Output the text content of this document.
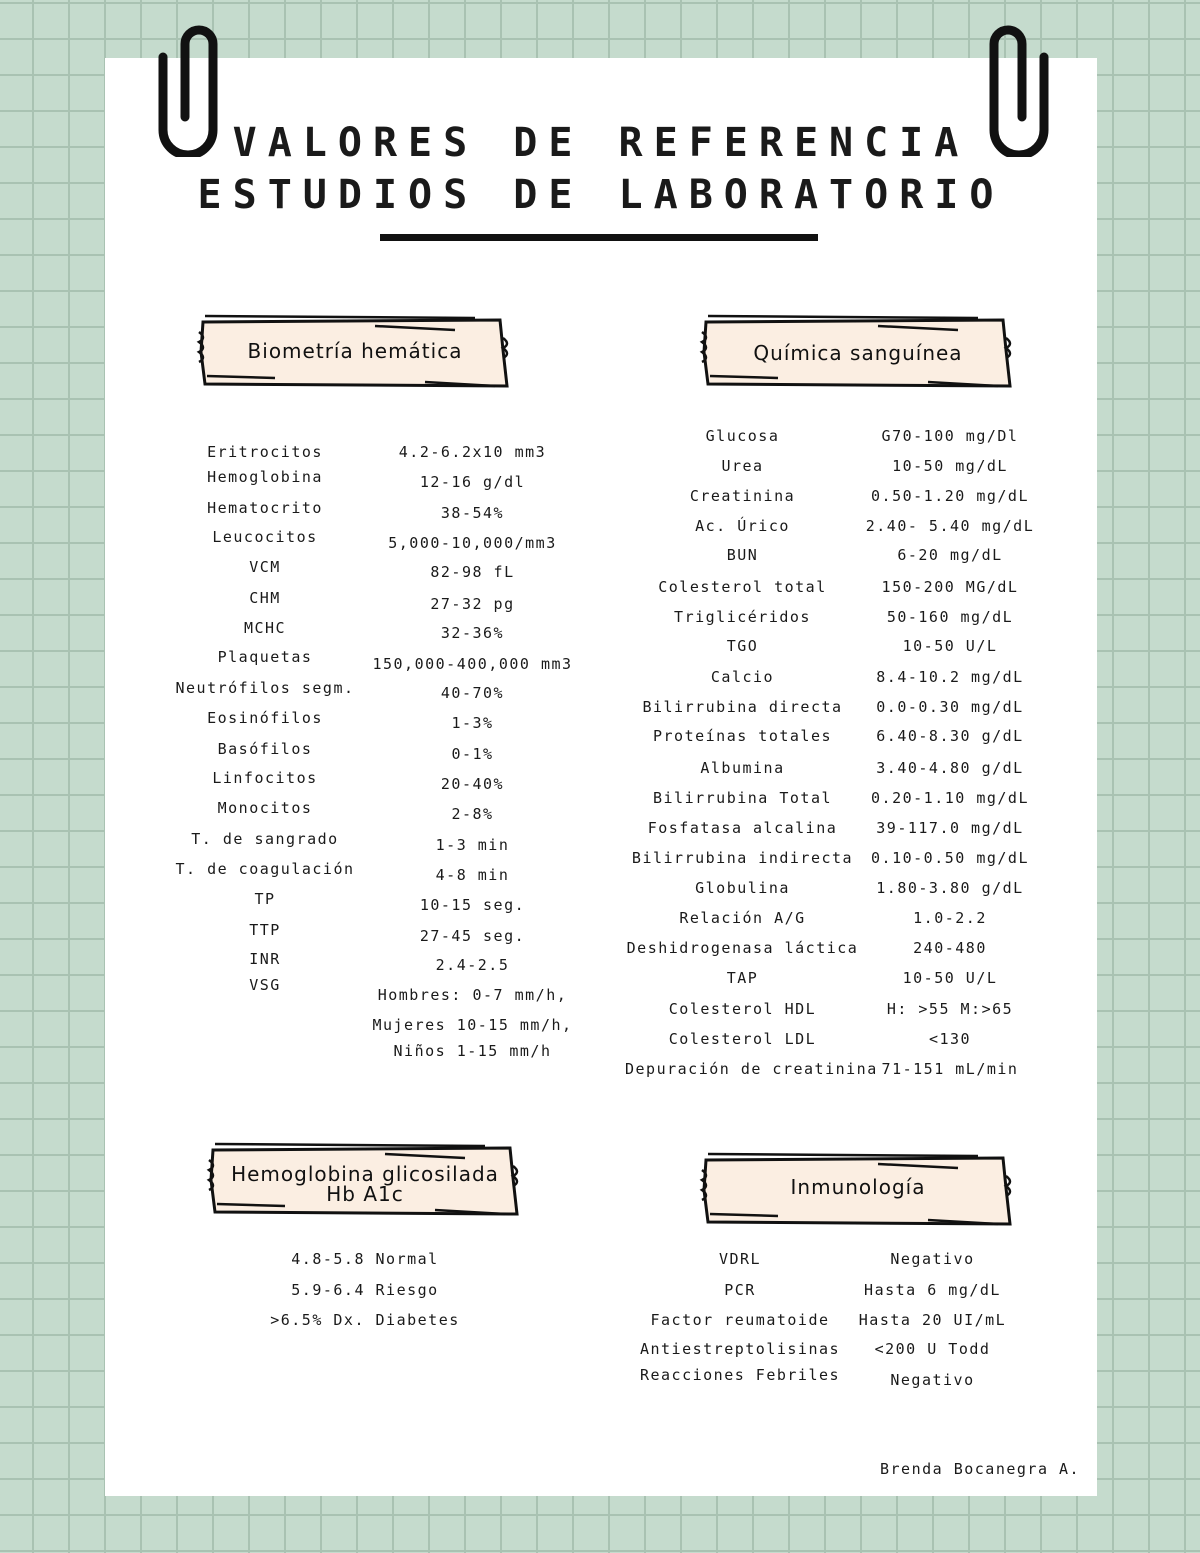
VALORES DE REFERENCIA
ESTUDIOS DE LABORATORIO
Biometría hemática	Química sanguínea
Hemoglobina glicosilada
Hb A1c	Inmunología
Eritrocitos	4.2-6.2x10 mm3
Hemoglobina	12-16 g/dl
Hematocrito	38-54%
Leucocitos	5,000-10,000/mm3
VCM	82-98 fL
CHM	27-32 pg
MCHC	32-36%
Plaquetas	150,000-400,000 mm3
Neutrófilos segm.	40-70%
Eosinófilos	1-3%
Basófilos	0-1%
Linfocitos	20-40%
Monocitos	2-8%
T. de sangrado	1-3 min
T. de coagulación	4-8 min
TP	10-15 seg.
TTP	27-45 seg.
INR	2.4-2.5
VSG
Hombres: 0-7 mm/h,
Mujeres 10-15 mm/h,
Niños 1-15 mm/h
Glucosa	G70-100 mg/Dl
Urea	10-50 mg/dL
Creatinina	0.50-1.20 mg/dL
Ac. Úrico	2.40- 5.40 mg/dL
BUN	6-20 mg/dL
Colesterol total	150-200 MG/dL
Triglicéridos	50-160 mg/dL
TGO	10-50 U/L
Calcio	8.4-10.2 mg/dL
Bilirrubina directa	0.0-0.30 mg/dL
Proteínas totales	6.40-8.30 g/dL
Albumina	3.40-4.80 g/dL
Bilirrubina Total	0.20-1.10 mg/dL
Fosfatasa alcalina	39-117.0 mg/dL
Bilirrubina indirecta	0.10-0.50 mg/dL
Globulina	1.80-3.80 g/dL
Relación A/G	1.0-2.2
Deshidrogenasa láctica	240-480
TAP	10-50 U/L
Colesterol HDL	H: >55 M:>65
Colesterol LDL	<130
Depuración de creatinina 71-151 mL/min
4.8-5.8 Normal
5.9-6.4 Riesgo
>6.5% Dx. Diabetes
VDRL	Negativo
PCR	Hasta 6 mg/dL
Factor reumatoide	Hasta 20 UI/mL
Antiestreptolisinas	<200 U Todd
Reacciones Febriles	Negativo
Brenda Bocanegra A.
